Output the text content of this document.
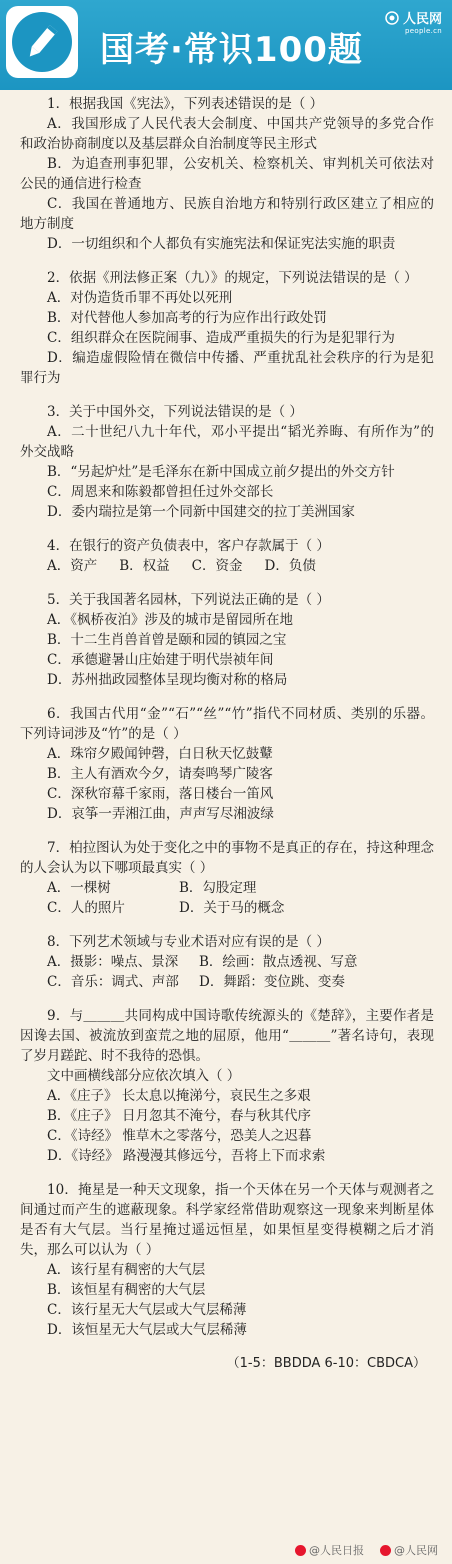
国考·常识100题
人民网
people.cn

1．根据我国《宪法》，下列表述错误的是（ ）

A．我国形成了人民代表大会制度、中国共产党领导的多党合作和政治协商制度以及基层群众自治制度等民主形式

B．为追查刑事犯罪，公安机关、检察机关、审判机关可依法对公民的通信进行检查

C．我国在普通地方、民族自治地方和特别行政区建立了相应的地方制度

D．一切组织和个人都负有实施宪法和保证宪法实施的职责

2．依据《刑法修正案（九）》的规定，下列说法错误的是（ ）

A．对伪造货币罪不再处以死刑

B．对代替他人参加高考的行为应作出行政处罚

C．组织群众在医院闹事、造成严重损失的行为是犯罪行为

D．编造虚假险情在微信中传播、严重扰乱社会秩序的行为是犯罪行为

3．关于中国外交，下列说法错误的是（ ）

A．二十世纪八九十年代，邓小平提出“韬光养晦、有所作为”的外交战略

B．“另起炉灶”是毛泽东在新中国成立前夕提出的外交方针

C．周恩来和陈毅都曾担任过外交部长

D．委内瑞拉是第一个同新中国建交的拉丁美洲国家

4．在银行的资产负债表中，客户存款属于（ ）

A．资产 B．权益 C．资金 D．负债

5．关于我国著名园林，下列说法正确的是（ ）

A．《枫桥夜泊》涉及的城市是留园所在地

B．十二生肖兽首曾是颐和园的镇园之宝

C．承德避暑山庄始建于明代崇祯年间

D．苏州拙政园整体呈现均衡对称的格局

6．我国古代用“金”“石”“丝”“竹”指代不同材质、类别的乐器。下列诗词涉及“竹”的是（ ）

A．珠帘夕殿闻钟磬，白日秋天忆鼓鼙

B．主人有酒欢今夕，请奏鸣琴广陵客

C．深秋帘幕千家雨，落日楼台一笛风

D．哀筝一弄湘江曲，声声写尽湘波绿

7．柏拉图认为处于变化之中的事物不是真正的存在，持这种理念的人会认为以下哪项最真实（ ）

A．一棵树	B．勾股定理
C．人的照片	D．关于马的概念

8．下列艺术领域与专业术语对应有误的是（ ）

A．摄影：噪点、景深	B．绘画：散点透视、写意
C．音乐：调式、声部	D．舞蹈：变位跳、变奏

9．与＿＿＿共同构成中国诗歌传统源头的《楚辞》，主要作者是因谗去国、被流放到蛮荒之地的屈原，他用“＿＿＿”著名诗句，表现了岁月蹉跎、时不我待的恐惧。

文中画横线部分应依次填入（ ）

A．《庄子》 长太息以掩涕兮，哀民生之多艰

B．《庄子》 日月忽其不淹兮，春与秋其代序

C．《诗经》 惟草木之零落兮，恐美人之迟暮

D．《诗经》 路漫漫其修远兮，吾将上下而求索

10．掩星是一种天文现象，指一个天体在另一个天体与观测者之间通过而产生的遮蔽现象。科学家经常借助观察这一现象来判断星体是否有大气层。当行星掩过遥远恒星，如果恒星变得模糊之后才消失，那么可以认为（ ）

A．该行星有稠密的大气层

B．该恒星有稠密的大气层

C．该行星无大气层或大气层稀薄

D．该恒星无大气层或大气层稀薄

（1-5：BBDDA 6-10：CBDCA）
@人民日报	@人民网
